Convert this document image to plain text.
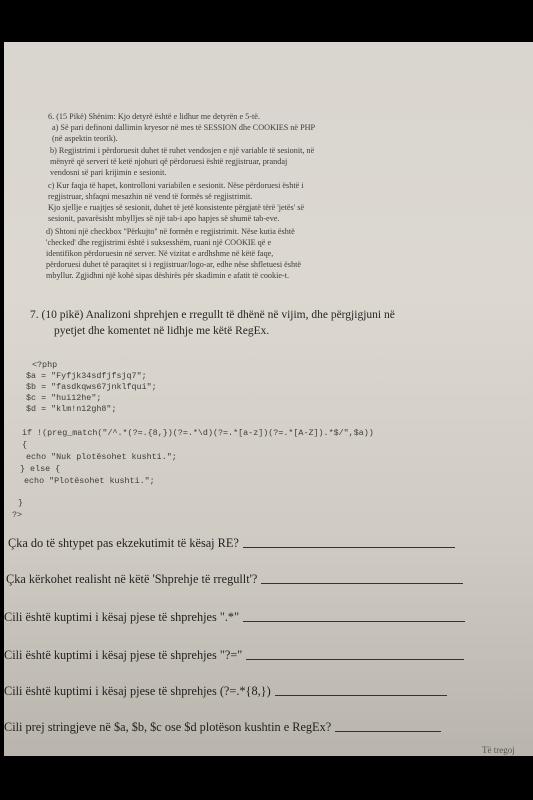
6. (15 Pikë) Shënim: Kjo detyrë është e lidhur me detyrën e 5-të.
a) Së pari definoni dallimin kryesor në mes të SESSION dhe COOKIES në PHP
(në aspektin teorik).
b) Regjistrimi i përdoruesit duhet të ruhet vendosjen e një variable të sesionit, në
mënyrë që serveri të ketë njohuri që përdoruesi është regjistruar, prandaj
vendosni së pari krijimin e sesionit.
c) Kur faqja të hapet, kontrolloni variabilen e sesionit. Nëse përdoruesi është i
regjistruar, shfaqni mesazhin në vend të formës së regjistrimit.
Kjo sjellje e ruajtjes së sesionit, duhet të jetë konsistente përgjatë tërë 'jetës' së
sesionit, pavarësisht mbylljes së një tab-i apo hapjes së shumë tab-eve.
d) Shtoni një checkbox ''Përkujto'' në formën e regjistrimit. Nëse kutia është
'checked' dhe regjistrimi është i suksesshëm, ruani një COOKIE që e
identifikon përdoruesin në server. Në vizitat e ardhshme në këtë faqe,
përdoruesi duhet të paraqitet si i regjistruar/logo-ar, edhe nëse shfletuesi është
mbyllur. Zgjidhni një kohë sipas dëshirës për skadimin e afatit të cookie-t.
7. (10 pikë) Analizoni shprehjen e rregullt të dhënë në vijim, dhe përgjigjuni në
pyetjet dhe komentet në lidhje me këtë RegEx.
<?php
$a = "Fyfjk34sdfjfsjq7";
$b = "fasdkqws67jnklfqui";
$c = "hui12he";
$d = "klm!n12gh8";
if !(preg_match("/^.*(?=.{8,})(?=.*\d)(?=.*[a-z])(?=.*[A-Z]).*$/",$a))
{
echo "Nuk plotësohet kushti.";
} else {
echo "Plotësohet kushti.";
}
?>
Çka do të shtypet pas ekzekutimit të kësaj RE?
Çka kërkohet realisht në këtë 'Shprehje të rregullt'?
Cili është kuptimi i kësaj pjese të shprehjes ".*"
Cili është kuptimi i kësaj pjese të shprehjes "?="
Cili është kuptimi i kësaj pjese të shprehjes (?=.*{8,})
Cili prej stringjeve në $a, $b, $c ose $d plotëson kushtin e RegEx?
Të tregoj
